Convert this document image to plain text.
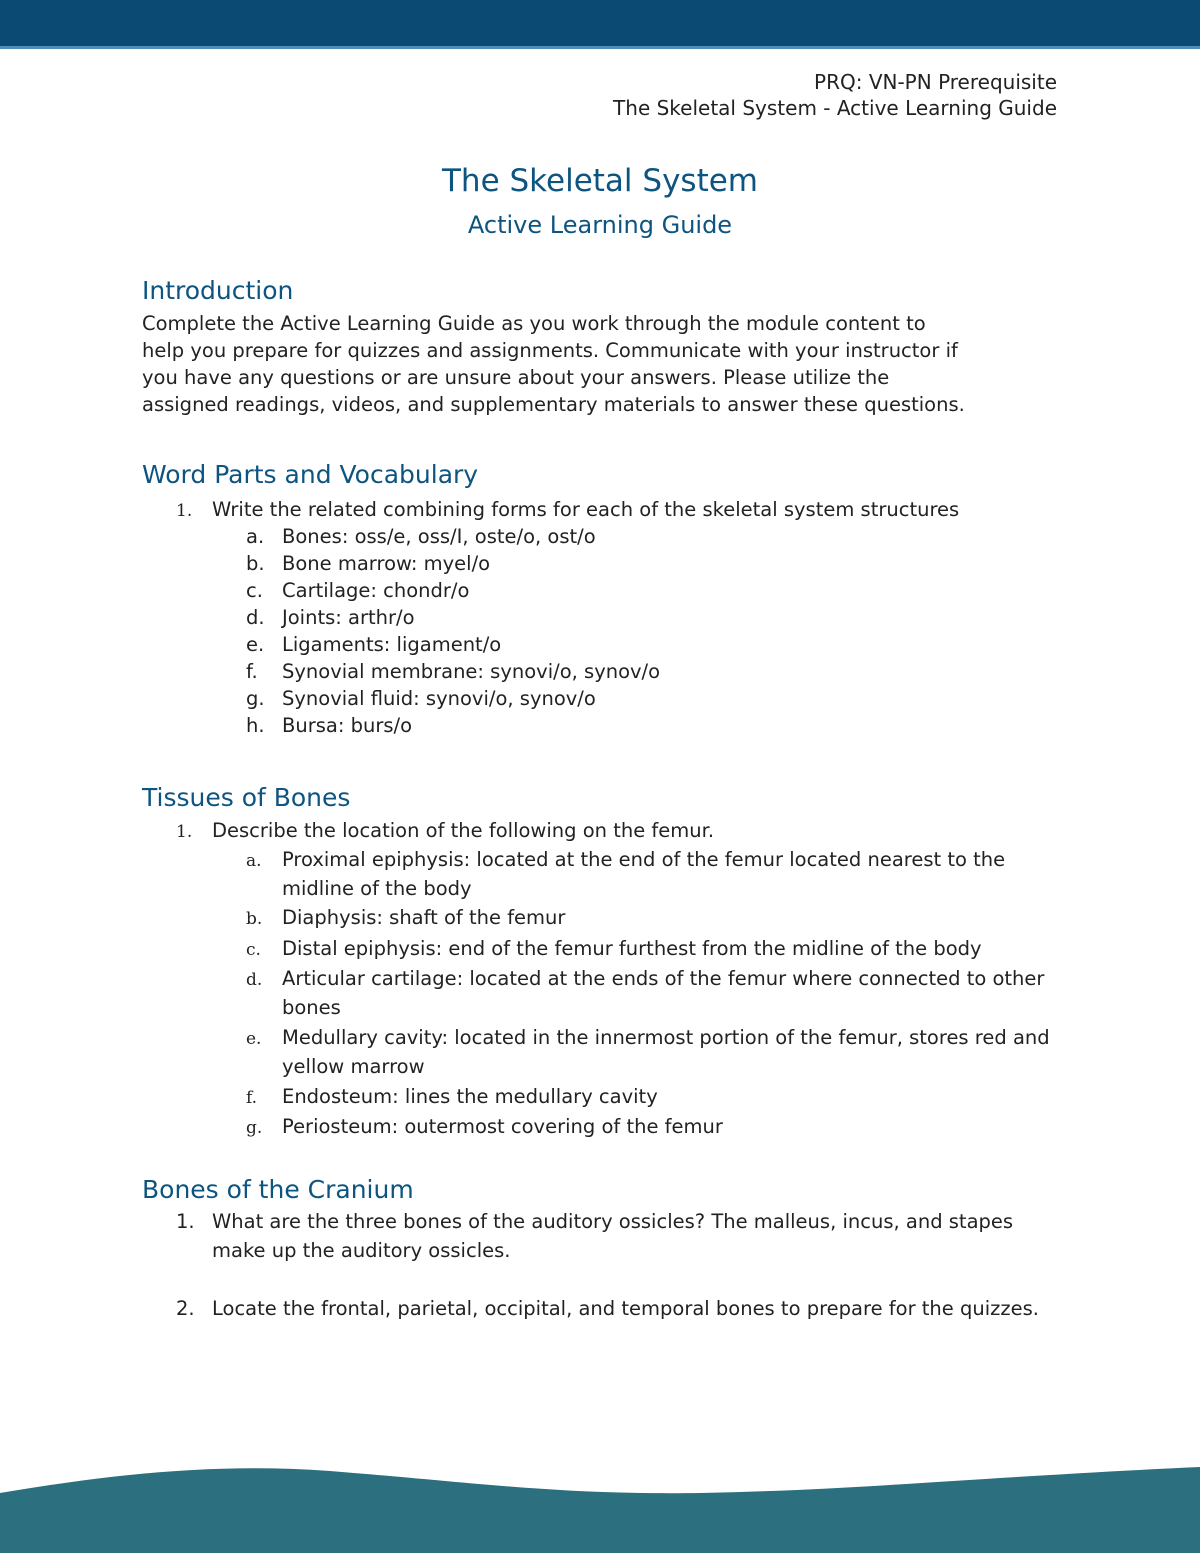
PRQ: VN-PN Prerequisite
The Skeletal System - Active Learning Guide
The Skeletal System
Active Learning Guide
Introduction
Complete the Active Learning Guide as you work through the module content to
help you prepare for quizzes and assignments. Communicate with your instructor if
you have any questions or are unsure about your answers. Please utilize the
assigned readings, videos, and supplementary materials to answer these questions.
Word Parts and Vocabulary
1. Write the related combining forms for each of the skeletal system structures
a. Bones: oss/e, oss/I, oste/o, ost/o
b. Bone marrow: myel/o
c. Cartilage: chondr/o
d. Joints: arthr/o
e. Ligaments: ligament/o
f. Synovial membrane: synovi/o, synov/o
g. Synovial fluid: synovi/o, synov/o
h. Bursa: burs/o
Tissues of Bones
1. Describe the location of the following on the femur.
a. Proximal epiphysis: located at the end of the femur located nearest to the midline of the body
b. Diaphysis: shaft of the femur
c. Distal epiphysis: end of the femur furthest from the midline of the body
d. Articular cartilage: located at the ends of the femur where connected to other bones
e. Medullary cavity: located in the innermost portion of the femur, stores red and yellow marrow
f. Endosteum: lines the medullary cavity
g. Periosteum: outermost covering of the femur
Bones of the Cranium
1. What are the three bones of the auditory ossicles? The malleus, incus, and stapes make up the auditory ossicles.
2. Locate the frontal, parietal, occipital, and temporal bones to prepare for the quizzes.
